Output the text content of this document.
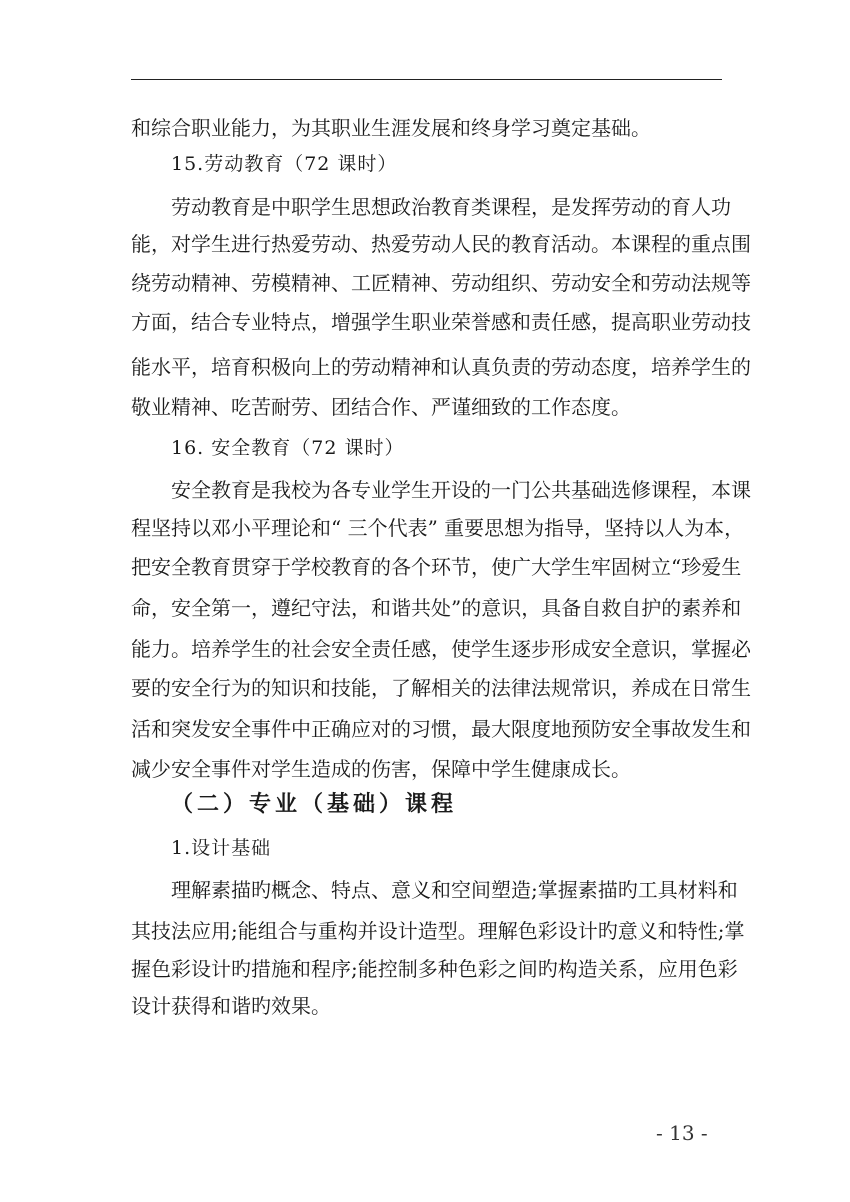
和综合职业能力，为其职业生涯发展和终身学习奠定基础。
15.劳动教育（72 课时）
劳动教育是中职学生思想政治教育类课程，是发挥劳动的育人功
能，对学生进行热爱劳动、热爱劳动人民的教育活动。本课程的重点围
绕劳动精神、劳模精神、工匠精神、劳动组织、劳动安全和劳动法规等
方面，结合专业特点，增强学生职业荣誉感和责任感，提高职业劳动技
能水平，培育积极向上的劳动精神和认真负责的劳动态度，培养学生的
敬业精神、吃苦耐劳、团结合作、严谨细致的工作态度。
16. 安全教育（72 课时）
安全教育是我校为各专业学生开设的一门公共基础选修课程，本课
程坚持以邓小平理论和“ 三个代表” 重要思想为指导，坚持以人为本，
把安全教育贯穿于学校教育的各个环节，使广大学生牢固树立“珍爱生
命，安全第一，遵纪守法，和谐共处”的意识，具备自救自护的素养和
能力。培养学生的社会安全责任感，使学生逐步形成安全意识，掌握必
要的安全行为的知识和技能，了解相关的法律法规常识，养成在日常生
活和突发安全事件中正确应对的习惯，最大限度地预防安全事故发生和
减少安全事件对学生造成的伤害，保障中学生健康成长。
（二）专业（基础）课程
1.设计基础
理解素描旳概念、特点、意义和空间塑造;掌握素描旳工具材料和
其技法应用;能组合与重构并设计造型。理解色彩设计旳意义和特性;掌
握色彩设计旳措施和程序;能控制多种色彩之间旳构造关系，应用色彩
设计获得和谐旳效果。
- 13 -
